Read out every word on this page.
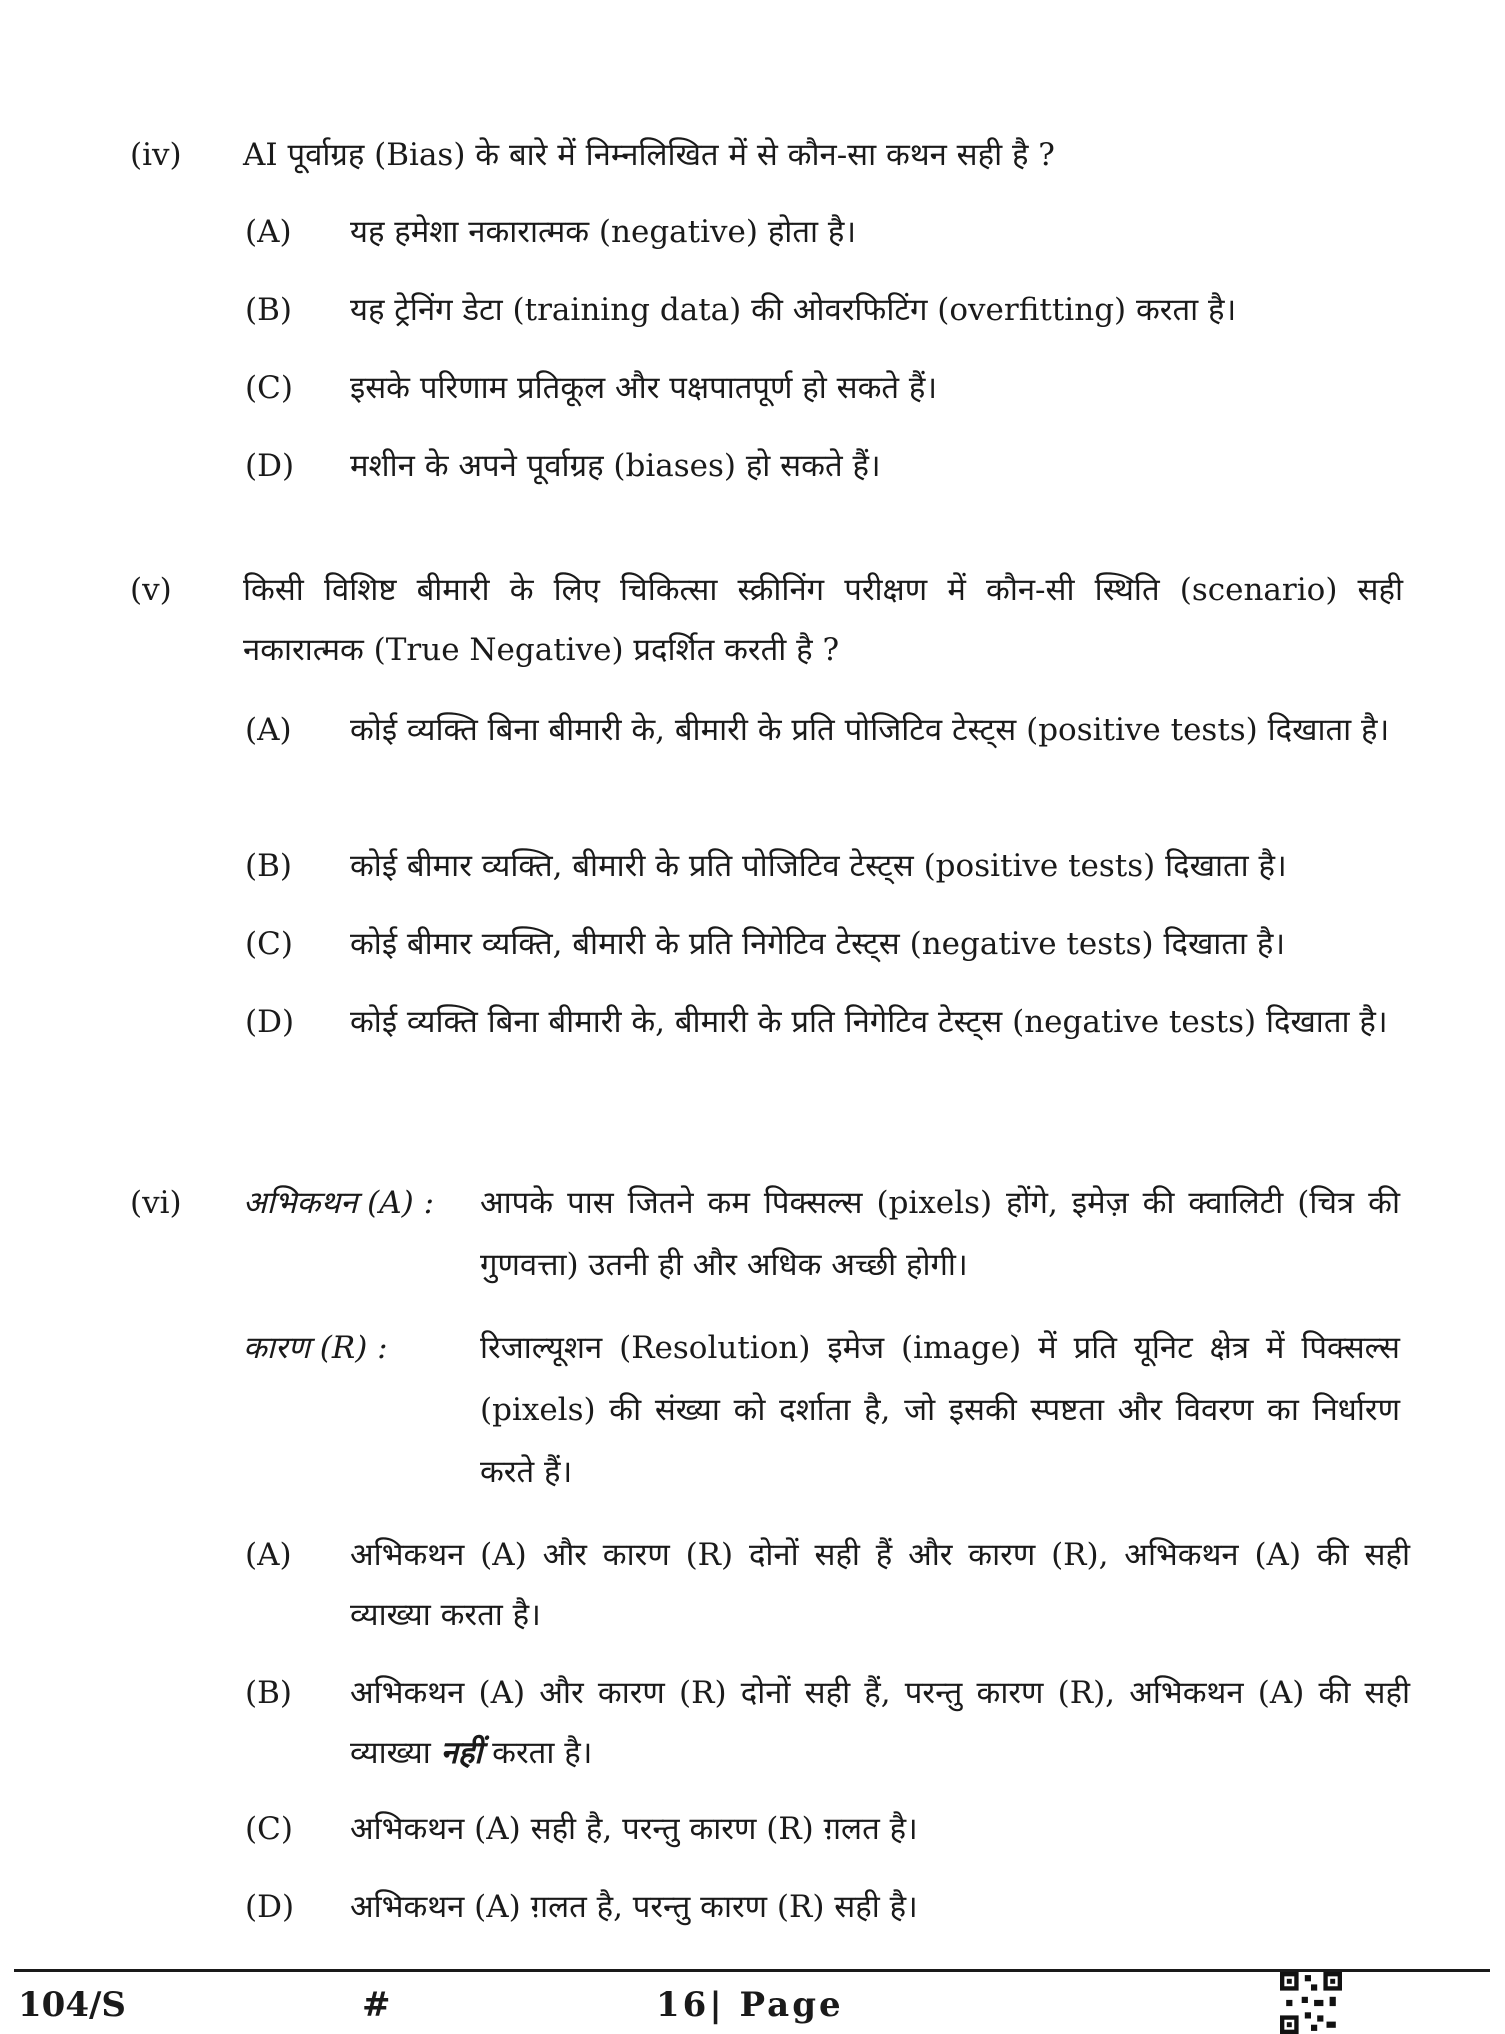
(iv) AI पूर्वाग्रह (Bias) के बारे में निम्नलिखित में से कौन-सा कथन सही है ?
(A) यह हमेशा नकारात्मक (negative) होता है।
(B) यह ट्रेनिंग डेटा (training data) की ओवरफिटिंग (overfitting) करता है।
(C) इसके परिणाम प्रतिकूल और पक्षपातपूर्ण हो सकते हैं।
(D) मशीन के अपने पूर्वाग्रह (biases) हो सकते हैं।
(v) किसी विशिष्ट बीमारी के लिए चिकित्सा स्क्रीनिंग परीक्षण में कौन-सी स्थिति (scenario) सही नकारात्मक (True Negative) प्रदर्शित करती है ?
(A) कोई व्यक्ति बिना बीमारी के, बीमारी के प्रति पोजिटिव टेस्ट्स (positive tests) दिखाता है।
(B) कोई बीमार व्यक्ति, बीमारी के प्रति पोजिटिव टेस्ट्स (positive tests) दिखाता है।
(C) कोई बीमार व्यक्ति, बीमारी के प्रति निगेटिव टेस्ट्स (negative tests) दिखाता है।
(D) कोई व्यक्ति बिना बीमारी के, बीमारी के प्रति निगेटिव टेस्ट्स (negative tests) दिखाता है।
(vi) अभिकथन (A) : आपके पास जितने कम पिक्सल्स (pixels) होंगे, इमेज़ की क्वालिटी (चित्र की गुणवत्ता) उतनी ही और अधिक अच्छी होगी।
कारण (R) :	रिजाल्यूशन (Resolution) इमेज (image) में प्रति यूनिट क्षेत्र में पिक्सल्स (pixels) की संख्या को दर्शाता है, जो इसकी स्पष्टता और विवरण का निर्धारण करते हैं।
(A) अभिकथन (A) और कारण (R) दोनों सही हैं और कारण (R), अभिकथन (A) की सही व्याख्या करता है।
(B) अभिकथन (A) और कारण (R) दोनों सही हैं, परन्तु कारण (R), अभिकथन (A) की सही व्याख्या नहीं करता है।
(C) अभिकथन (A) सही है, परन्तु कारण (R) ग़लत है।
(D) अभिकथन (A) ग़लत है, परन्तु कारण (R) सही है।
104/S	#	16| Page
